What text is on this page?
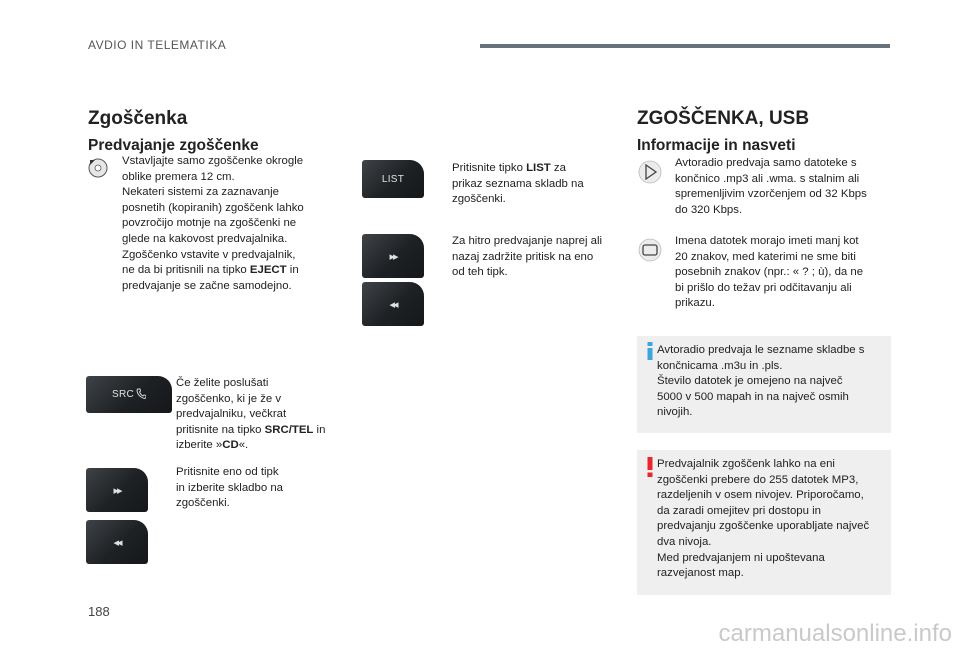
AVDIO IN TELEMATIKA
Zgoščenka
Predvajanje zgoščenke
Vstavljajte samo zgoščenke okrogle
oblike premera 12 cm.
Nekateri sistemi za zaznavanje
posnetih (kopiranih) zgoščenk lahko
povzročijo motnje na zgoščenki ne
glede na kakovost predvajalnika.
Zgoščenko vstavite v predvajalnik,
ne da bi pritisnili na tipko EJECT in
predvajanje se začne samodejno.
SRC
Če želite poslušati
zgoščenko, ki je že v
predvajalniku, večkrat
pritisnite na tipko SRC/TEL in
izberite »CD«.
▸▸
◂◂
Pritisnite eno od tipk
in izberite skladbo na
zgoščenki.
LIST
Pritisnite tipko LIST za
prikaz seznama skladb na
zgoščenki.
▸▸
◂◂
Za hitro predvajanje naprej ali
nazaj zadržite pritisk na eno
od teh tipk.
ZGOŠČENKA, USB
Informacije in nasveti
Avtoradio predvaja samo datoteke s
končnico .mp3 ali .wma. s stalnim ali
spremenljivim vzorčenjem od 32 Kbps
do 320 Kbps.
Imena datotek morajo imeti manj kot
20 znakov, med katerimi ne sme biti
posebnih znakov (npr.: « ? ; ù), da ne
bi prišlo do težav pri odčitavanju ali
prikazu.
Avtoradio predvaja le sezname skladbe s
končnicama .m3u in .pls.
Število datotek je omejeno na največ
5000 v 500 mapah in na največ osmih
nivojih.
Predvajalnik zgoščenk lahko na eni
zgoščenki prebere do 255 datotek MP3,
razdeljenih v osem nivojev. Priporočamo,
da zaradi omejitev pri dostopu in
predvajanju zgoščenke uporabljate največ
dva nivoja.
Med predvajanjem ni upoštevana
razvejanost map.
188
carmanualsonline.info
